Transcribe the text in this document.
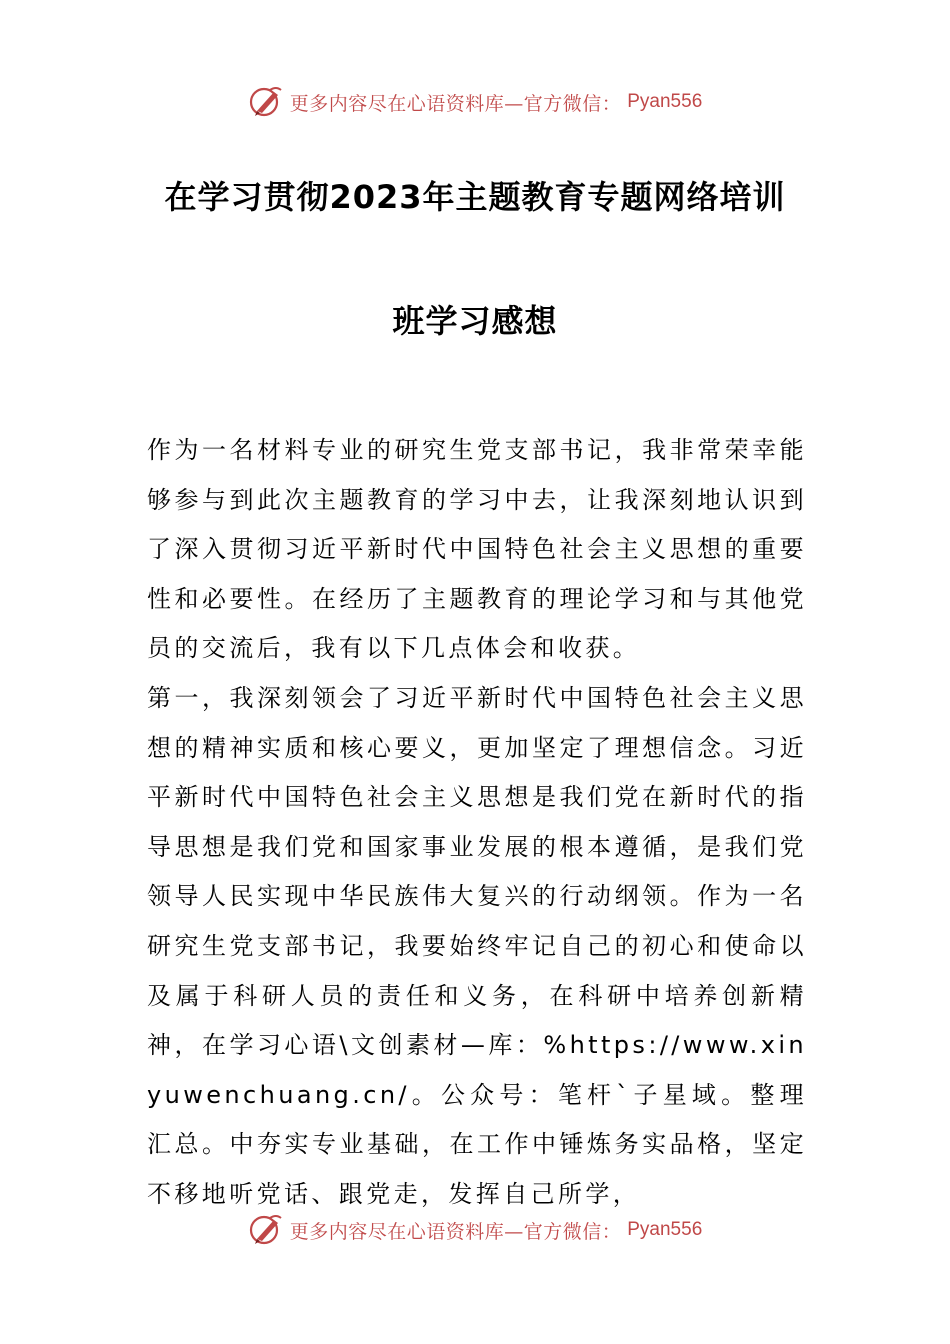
更多内容尽在心语资料库—官方微信： Pyan556
在学习贯彻2023年主题教育专题网络培训
班学习感想

作为一名材料专业的研究生党支部书记，我非常荣幸能够参与到此次主题教育的学习中去，让我深刻地认识到了深入贯彻习近平新时代中国特色社会主义思想的重要性和必要性。在经历了主题教育的理论学习和与其他党员的交流后，我有以下几点体会和收获。

第一，我深刻领会了习近平新时代中国特色社会主义思想的精神实质和核心要义，更加坚定了理想信念。习近平新时代中国特色社会主义思想是我们党在新时代的指导思想是我们党和国家事业发展的根本遵循，是我们党领导人民实现中华民族伟大复兴的行动纲领。作为一名研究生党支部书记，我要始终牢记自己的初心和使命以及属于科研人员的责任和义务，在科研中培养创新精神，在学习心语\文创素材—库：%https://www.xinyuwenchuang.cn/。公众号：笔杆`子星域。整理汇总。中夯实专业基础，在工作中锤炼务实品格，坚定不移地听党话、跟党走，发挥自己所学，

更多内容尽在心语资料库—官方微信： Pyan556
